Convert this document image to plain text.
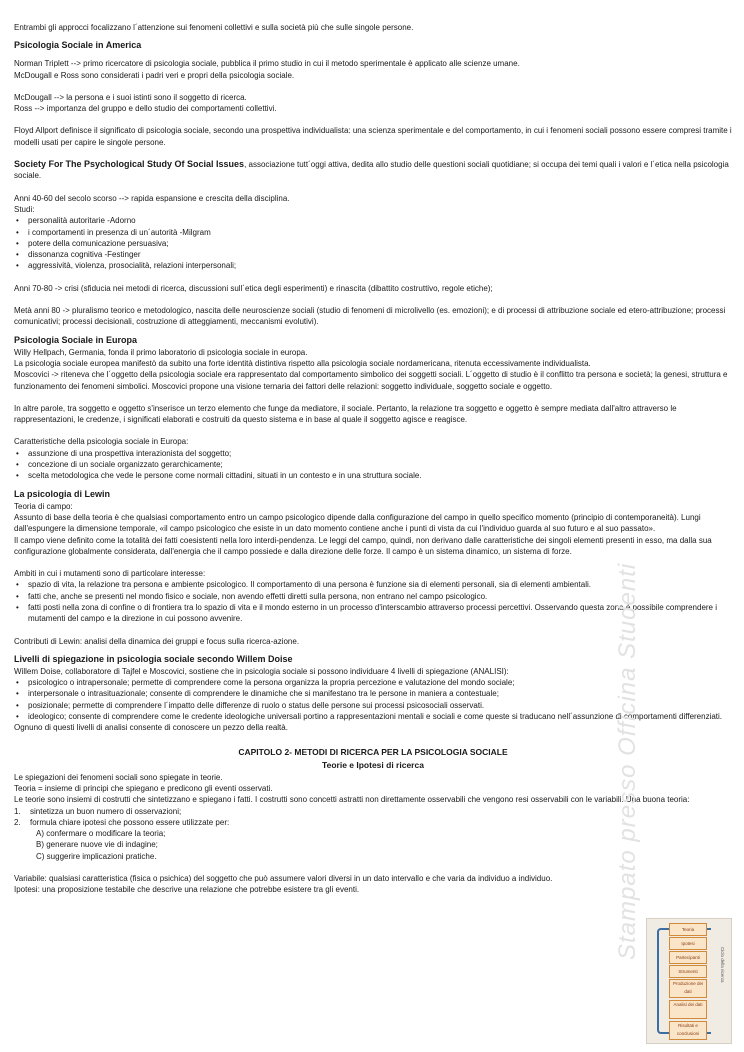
Entrambi gli approcci focalizzano l´attenzione sui fenomeni collettivi e sulla società più che sulle singole persone.

Psicologia Sociale in America

Norman Triplett --> primo ricercatore di psicologia sociale, pubblica il primo studio in cui il metodo sperimentale è applicato alle scienze umane.

McDougall e Ross sono considerati i padri veri e propri della psicologia sociale.

McDougall --> la persona e i suoi istinti sono il soggetto di ricerca.

Ross --> importanza del gruppo e dello studio dei comportamenti collettivi.

Floyd Allport definisce il significato di psicologia sociale, secondo una prospettiva individualista: una scienza sperimentale e del comportamento, in cui i fenomeni sociali possono essere compresi tramite i modelli usati per capire le singole persone.

Society For The Psychological Study Of Social Issues, associazione tutt´oggi attiva, dedita allo studio delle questioni sociali quotidiane; si occupa dei temi quali i valori e l´etica nella psicologia sociale.

Anni 40-60 del secolo scorso --> rapida espansione e crescita della disciplina.

Studi:

• personalità autoritarie -Adorno
• i comportamenti in presenza di un´autorità -Milgram
• potere della comunicazione persuasiva;
• dissonanza cognitiva -Festinger
• aggressività, violenza, prosocialità, relazioni interpersonali;

Anni 70-80 -> crisi (sfiducia nei metodi di ricerca, discussioni sull´etica degli esperimenti) e rinascita (dibattito costruttivo, regole etiche);

Metà anni 80 -> pluralismo teorico e metodologico, nascita delle neuroscienze sociali (studio di fenomeni di microlivello (es. emozioni); e di processi di attribuzione sociale ed etero-attribuzione; processi comunicativi; processi decisionali, costruzione di atteggiamenti, meccanismi evolutivi).

Psicologia Sociale in Europa

Willy Hellpach, Germania, fonda il primo laboratorio di psicologia sociale in europa.

La psicologia sociale europea manifestò da subito una forte identità distintiva rispetto alla psicologia sociale nordamericana, ritenuta eccessivamente individualista.

Moscovici -> riteneva che l´oggetto della psicologia sociale era rappresentato dal comportamento simbolico dei soggetti sociali. L´oggetto di studio è il conflitto tra persona e società; la genesi, struttura e funzionamento dei fenomeni simbolici. Moscovici propone una visione ternaria dei fattori delle relazioni: soggetto individuale, soggetto sociale e oggetto.

In altre parole, tra soggetto e oggetto s'inserisce un terzo elemento che funge da mediatore, il sociale. Pertanto, la relazione tra soggetto e oggetto è sempre mediata dall'altro attraverso le rappresentazioni, le credenze, i significati elaborati e costruiti da questo sistema e in base al quale il soggetto agisce e reagisce.

Caratteristiche della psicologia sociale in Europa:

• assunzione di una prospettiva interazionista del soggetto;
• concezione di un sociale organizzato gerarchicamente;
• scelta metodologica che vede le persone come normali cittadini, situati in un contesto e in una struttura sociale.
La psicologia di Lewin

Teoria di campo:

Assunto di base della teoria è che qualsiasi comportamento entro un campo psicologico dipende dalla configurazione del campo in quello specifico momento (principio di contemporaneità). Lungi dall'espungere la dimensione temporale, «il campo psicologico che esiste in un dato momento contiene anche i punti di vista da cui l'individuo guarda al suo futuro e al suo passato».

Il campo viene definito come la totalità dei fatti coesistenti nella loro interdi-pendenza. Le leggi del campo, quindi, non derivano dalle caratteristiche dei singoli elementi presenti in esso, ma dalla sua configurazione globalmente considerata, dall'energia che il campo possiede e dalla direzione delle forze. Il campo è un sistema dinamico, un sistema di forze.

Ambiti in cui i mutamenti sono di particolare interesse:

• spazio di vita, la relazione tra persona e ambiente psicologico. Il comportamento di una persona è funzione sia di elementi personali, sia di elementi ambientali.
• fatti che, anche se presenti nel mondo fisico e sociale, non avendo effetti diretti sulla persona, non entrano nel campo psicologico.
• fatti posti nella zona di confine o di frontiera tra lo spazio di vita e il mondo esterno in un processo d'interscambio attraverso processi percettivi. Osservando questa zona è possibile comprendere i mutamenti del campo e la direzione in cui possono avvenire.

Contributi di Lewin: analisi della dinamica dei gruppi e focus sulla ricerca-azione.

Livelli di spiegazione in psicologia sociale secondo Willem Doise

Willem Doise, collaboratore di Tajfel e Moscovici, sostiene che in psicologia sociale si possono individuare 4 livelli di spiegazione (ANALISI):

• psicologico o intrapersonale; permette di comprendere come la persona organizza la propria percezione e valutazione del mondo sociale;
• interpersonale o intrasituazionale; consente di comprendere le dinamiche che si manifestano tra le persone in maniera a contestuale;
• posizionale; permette di comprendere l´impatto delle differenze di ruolo o status delle persone sui processi psicosociali osservati.
• ideologico; consente di comprendere come le credente ideologiche universali portino a rappresentazioni mentali e sociali e come queste si traducano nell´assunzione di comportamenti differenziati.

Ognuno di questi livelli di analisi consente di conoscere un pezzo della realtà.

CAPITOLO 2- METODI DI RICERCA PER LA PSICOLOGIA SOCIALE

Teorie e Ipotesi di ricerca

Le spiegazioni dei fenomeni sociali sono spiegate in teorie.

Teoria = insieme di principi che spiegano e predicono gli eventi osservati.

Le teorie sono insiemi di costrutti che sintetizzano e spiegano i fatti. I costrutti sono concetti astratti non direttamente osservabili che vengono resi osservabili con le variabili. Una buona teoria:

1. sintetizza un buon numero di osservazioni;
2. formula chiare ipotesi che possono essere utilizzate per:

A) confermare o modificare la teoria;

B) generare nuove vie di indagine;

C) suggerire implicazioni pratiche.

Variabile: qualsiasi caratteristica (fisica o psichica) del soggetto che può assumere valori diversi in un dato intervallo e che varia da individuo a individuo.

Ipotesi: una proposizione testabile che descrive una relazione che potrebbe esistere tra gli eventi.	Stampato presso Officina Studenti	Teoria
Ipotesi
Partecipanti
Strumenti
Produzione dei dati
Analisi dei dati
Risultati e conclusioni
Ciclo della ricerca
